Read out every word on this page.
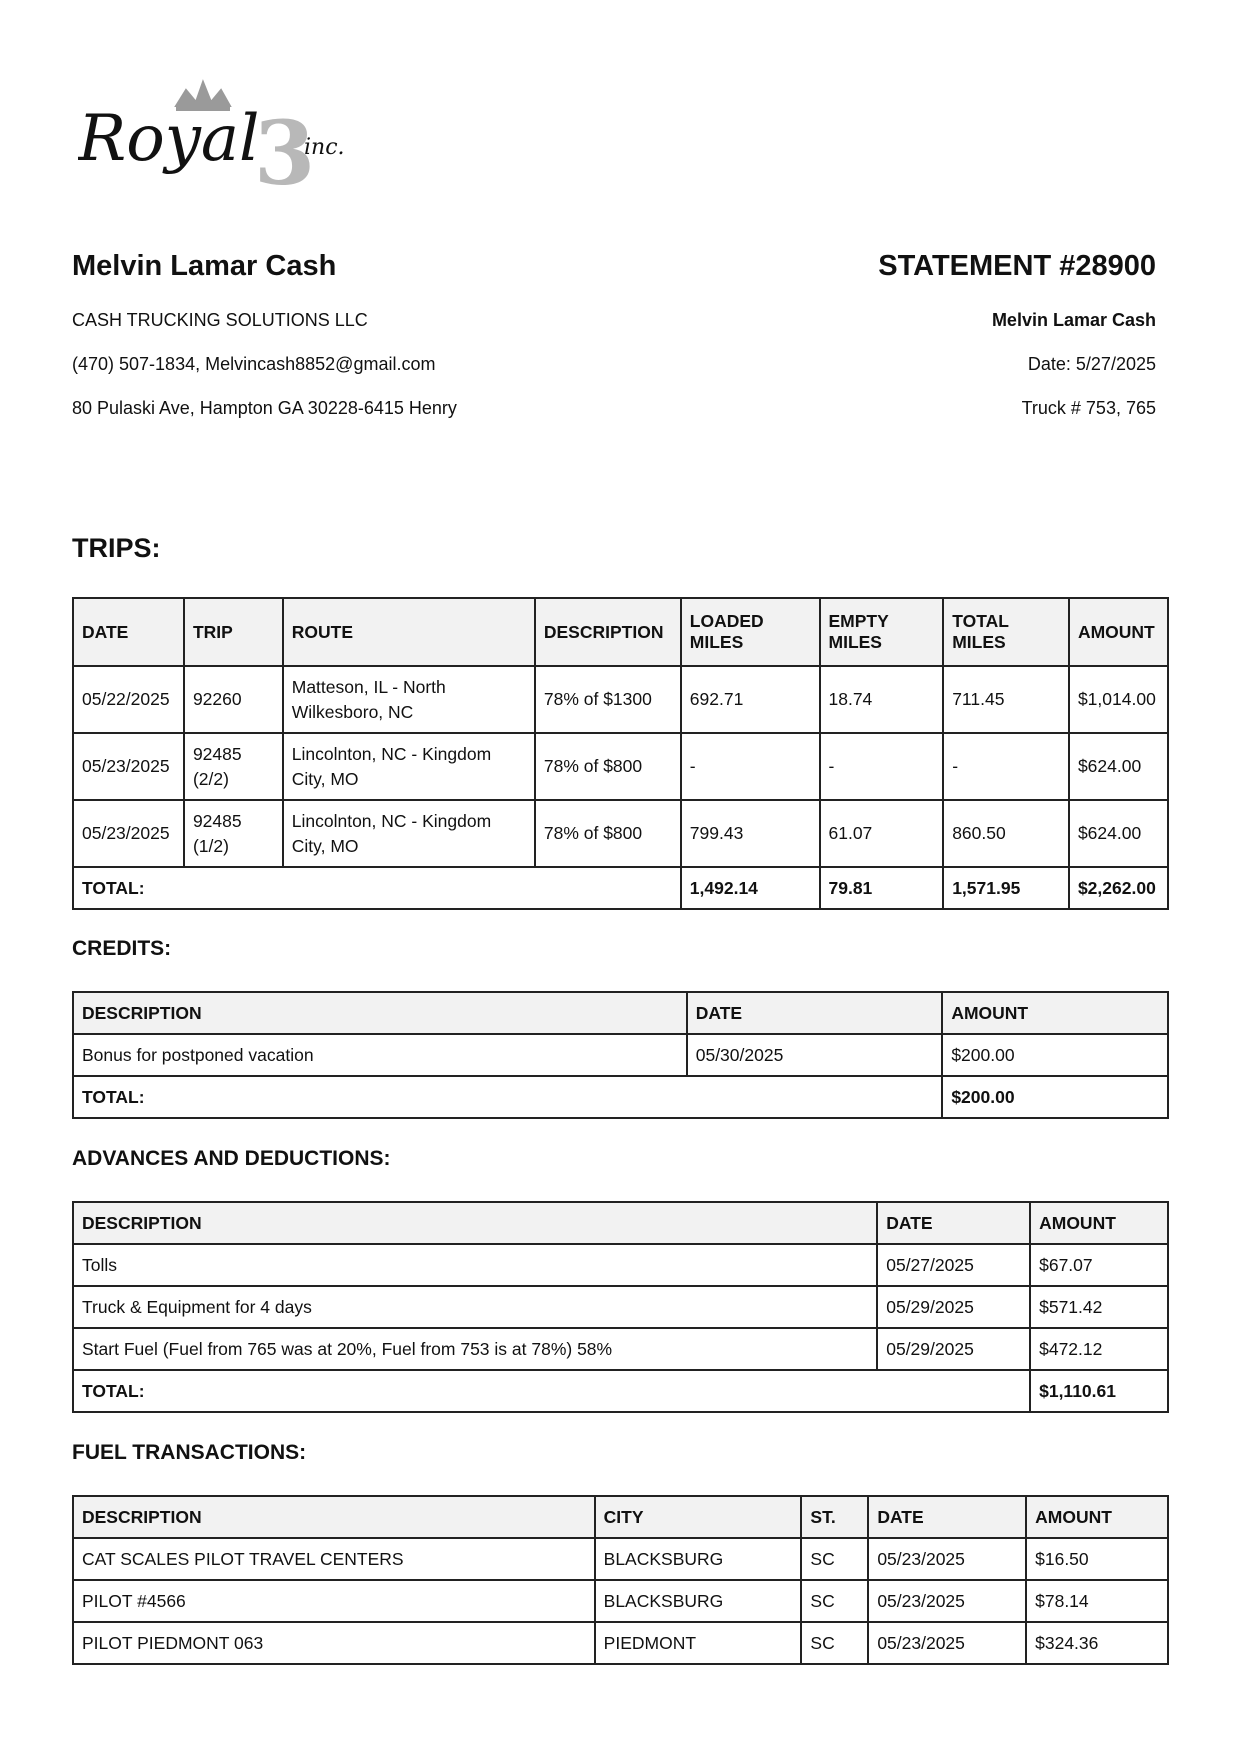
3
Royal inc.
Melvin Lamar Cash
CASH TRUCKING SOLUTIONS LLC
(470) 507-1834, Melvincash8852@gmail.com
80 Pulaski Ave, Hampton GA 30228-6415 Henry
STATEMENT #28900
Melvin Lamar Cash
Date: 5/27/2025
Truck # 753, 765
TRIPS:
DATE	TRIP	ROUTE	DESCRIPTION	LOADED MILES	EMPTY MILES	TOTAL MILES	AMOUNT
05/22/2025	92260	Matteson, IL - North Wilkesboro, NC	78% of $1300	692.71	18.74	711.45	$1,014.00
05/23/2025	92485 (2/2)	Lincolnton, NC - Kingdom City, MO	78% of $800	-	-	-	$624.00
05/23/2025	92485 (1/2)	Lincolnton, NC - Kingdom City, MO	78% of $800	799.43	61.07	860.50	$624.00
TOTAL:				1,492.14	79.81	1,571.95	$2,262.00
CREDITS:
DESCRIPTION	DATE	AMOUNT
Bonus for postponed vacation	05/30/2025	$200.00
TOTAL:		$200.00
ADVANCES AND DEDUCTIONS:
DESCRIPTION	DATE	AMOUNT
Tolls	05/27/2025	$67.07
Truck & Equipment for 4 days	05/29/2025	$571.42
Start Fuel (Fuel from 765 was at 20%, Fuel from 753 is at 78%) 58%	05/29/2025	$472.12
TOTAL:		$1,110.61
FUEL TRANSACTIONS:
DESCRIPTION	CITY	ST.	DATE	AMOUNT
CAT SCALES PILOT TRAVEL CENTERS	BLACKSBURG	SC	05/23/2025	$16.50
PILOT #4566	BLACKSBURG	SC	05/23/2025	$78.14
PILOT PIEDMONT 063	PIEDMONT	SC	05/23/2025	$324.36
